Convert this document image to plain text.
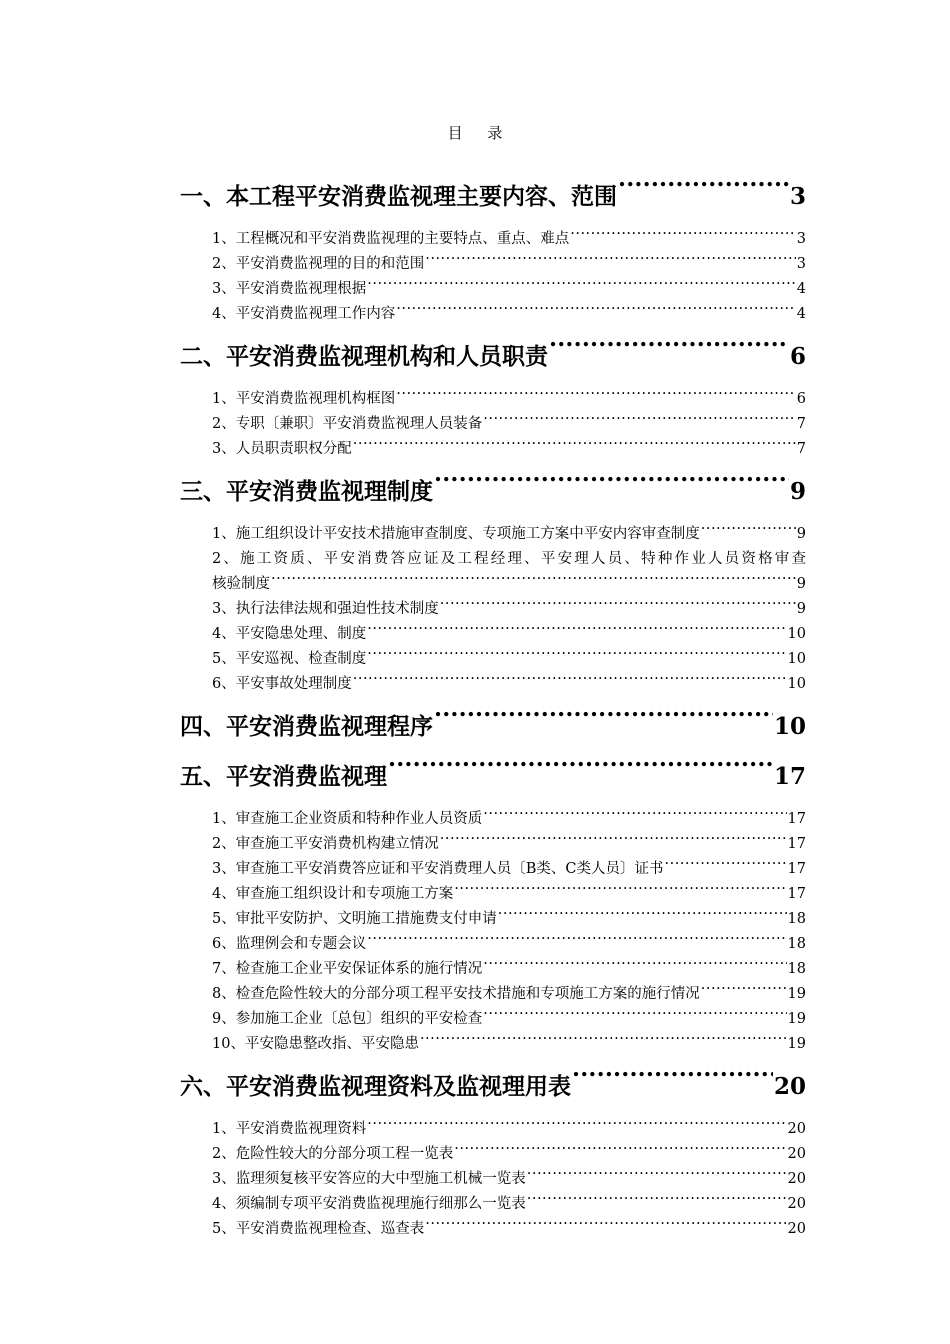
目 录
一、本工程平安消费监视理主要内容、范围 .....	3
1、工程概况和平安消费监视理的主要特点、重点、难点 .....	3
2、平安消费监视理的目的和范围 .....	3
3、平安消费监视理根据 .....	4
4、平安消费监视理工作内容 .....	4
二、平安消费监视理机构和人员职责 .....	6
1、平安消费监视理机构框图 .....	6
2、专职〔兼职〕平安消费监视理人员装备 .....	7
3、人员职责职权分配 .....	7
三、平安消费监视理制度 .....	9
1、施工组织设计平安技术措施审查制度、专项施工方案中平安内容审查制度 .....	9
2、施工资质、平安消费答应证及工程经理、平安理人员、特种作业人员资格审查
核验制度 .....	9
3、执行法律法规和强迫性技术制度 .....	9
4、平安隐患处理、制度 .....	10
5、平安巡视、检查制度 .....	10
6、平安事故处理制度 .....	10
四、平安消费监视理程序 .....	10
五、平安消费监视理 .....	17
1、审查施工企业资质和特种作业人员资质 .....	17
2、审查施工平安消费机构建立情况 .....	17
3、审查施工平安消费答应证和平安消费理人员〔B类、C类人员〕证书 .....	17
4、审查施工组织设计和专项施工方案 .....	17
5、审批平安防护、文明施工措施费支付申请 .....	18
6、监理例会和专题会议 .....	18
7、检查施工企业平安保证体系的施行情况 .....	18
8、检查危险性较大的分部分项工程平安技术措施和专项施工方案的施行情况 .....	19
9、参加施工企业〔总包〕组织的平安检查 .....	19
10、平安隐患整改指、平安隐患 .....	19
六、平安消费监视理资料及监视理用表 .....	20
1、平安消费监视理资料 .....	20
2、危险性较大的分部分项工程一览表 .....	20
3、监理须复核平安答应的大中型施工机械一览表 .....	20
4、须编制专项平安消费监视理施行细那么一览表 .....	20
5、平安消费监视理检查、巡查表 .....	20
